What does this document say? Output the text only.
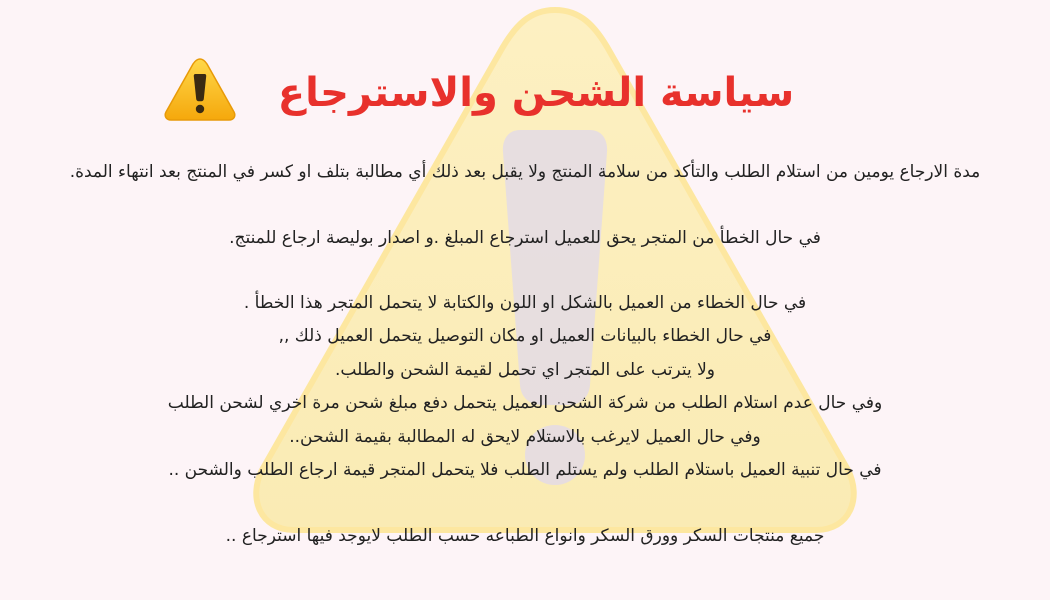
سياسة الشحن والاسترجاع
مدة الارجاع يومين من استلام الطلب والتأكد من سلامة المنتج ولا يقبل بعد ذلك أي مطالبة بتلف او كسر في المنتج بعد انتهاء المدة.
في حال الخطأ من المتجر يحق للعميل استرجاع المبلغ .و اصدار بوليصة ارجاع للمنتج.
في حال الخطاء من العميل بالشكل او اللون والكتابة لا يتحمل المتجر هذا الخطأ .
في حال الخطاء بالبيانات العميل او مكان التوصيل يتحمل العميل ذلك ,,
ولا يترتب على المتجر اي تحمل لقيمة الشحن والطلب.
وفي حال عدم استلام الطلب من شركة الشحن العميل يتحمل دفع مبلغ شحن مرة اخري لشحن الطلب
وفي حال العميل لايرغب بالاستلام لايحق له المطالبة بقيمة الشحن..
في حال تنبية العميل باستلام الطلب ولم يستلم الطلب فلا يتحمل المتجر قيمة ارجاع الطلب والشحن ..
جميع منتجات السكر وورق السكر وانواع الطباعه حسب الطلب لايوجد فيها استرجاع ..
